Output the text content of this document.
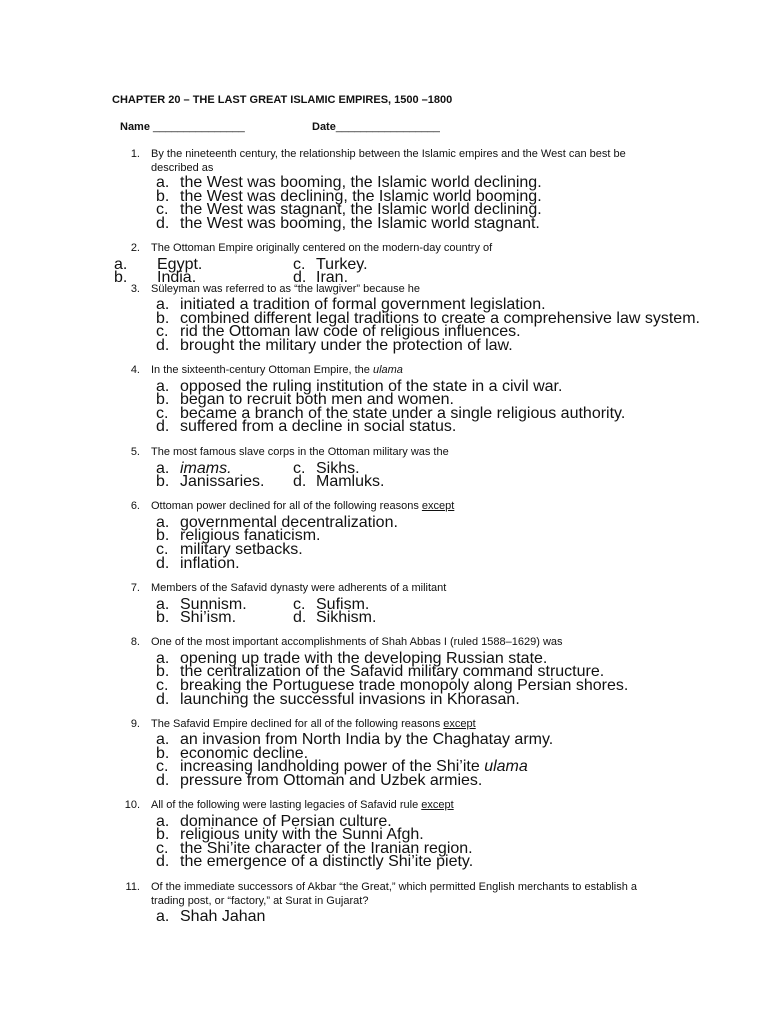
CHAPTER 20 – THE LAST GREAT ISLAMIC EMPIRES, 1500 –1800
Name _______________	Date_________________
1. By the nineteenth century, the relationship between the Islamic empires and the West can best be described as
a. the West was booming, the Islamic world declining.
b. the West was declining, the Islamic world booming.
c. the West was stagnant, the Islamic world declining.
d. the West was booming, the Islamic world stagnant.
2. The Ottoman Empire originally centered on the modern-day country of
a. Egypt.	c. Turkey.
b. India.	d. Iran.
3. Süleyman was referred to as “the lawgiver” because he
a. initiated a tradition of formal government legislation.
b. combined different legal traditions to create a comprehensive law system.
c. rid the Ottoman law code of religious influences.
d. brought the military under the protection of law.
4. In the sixteenth-century Ottoman Empire, the ulama
a. opposed the ruling institution of the state in a civil war.
b. began to recruit both men and women.
c. became a branch of the state under a single religious authority.
d. suffered from a decline in social status.
5. The most famous slave corps in the Ottoman military was the
a. imams.	c. Sikhs.
b. Janissaries. d. Mamluks.
6. Ottoman power declined for all of the following reasons except
a. governmental decentralization.
b. religious fanaticism.
c. military setbacks.
d. inflation.
7. Members of the Safavid dynasty were adherents of a militant
a. Sunnism.	c. Sufism.
b. Shi’ism.	d. Sikhism.
8. One of the most important accomplishments of Shah Abbas I (ruled 1588–1629) was
a. opening up trade with the developing Russian state.
b. the centralization of the Safavid military command structure.
c. breaking the Portuguese trade monopoly along Persian shores.
d. launching the successful invasions in Khorasan.
9. The Safavid Empire declined for all of the following reasons except
a. an invasion from North India by the Chaghatay army.
b. economic decline.
c. increasing landholding power of the Shi’ite ulama
d. pressure from Ottoman and Uzbek armies.
10. All of the following were lasting legacies of Safavid rule except
a. dominance of Persian culture.
b. religious unity with the Sunni Afgh.
c. the Shi’ite character of the Iranian region.
d. the emergence of a distinctly Shi’ite piety.
11. Of the immediate successors of Akbar “the Great,” which permitted English merchants to establish a trading post, or “factory,” at Surat in Gujarat?
a. Shah Jahan
